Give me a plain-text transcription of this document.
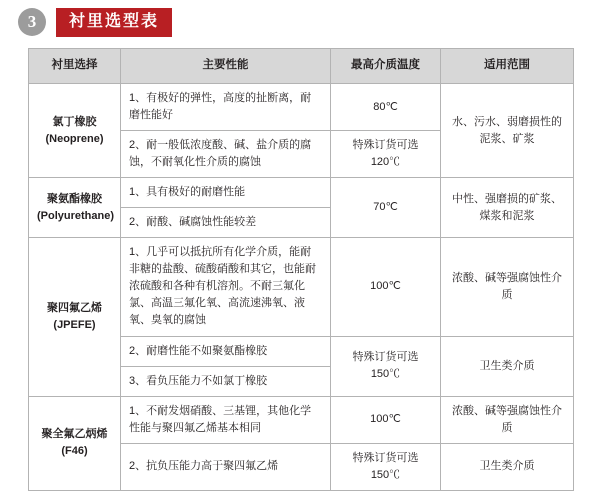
3	衬里选型表
衬里选择	主要性能	最高介质温度	适用范围

氯丁橡胶
(Neoprene)	1、有极好的弹性，高度的扯断离，耐磨性能好	80℃	水、污水、弱磨损性的泥浆、矿浆
	2、耐一般低浓度酸、碱、盐介质的腐蚀，不耐氧化性介质的腐蚀	特殊订货可选120℃	

聚氨酯橡胶
(Polyurethane)	1、具有极好的耐磨性能	70℃	中性、强磨损的矿浆、煤浆和泥浆
	2、耐酸、碱腐蚀性能较差		

聚四氟乙烯
(JPEFE)	1、几乎可以抵抗所有化学介质，能耐非糖的盐酸、硫酸硝酸和其它，也能耐浓硫酸和各种有机溶剂。不耐三氟化氯、高温三氟化氧、高流速沸氧、液氧、臭氧的腐蚀	100℃	浓酸、碱等强腐蚀性介质
	2、耐磨性能不如聚氨酯橡胶	特殊订货可选150℃	卫生类介质
	3、看负压能力不如氯丁橡胶		

聚全氟乙炳烯
(F46)	1、不耐发烟硝酸、三基锂，其他化学性能与聚四氟乙烯基本相同	100℃	浓酸、碱等强腐蚀性介质
	2、抗负压能力高于聚四氟乙烯	特殊订货可选150℃	卫生类介质
